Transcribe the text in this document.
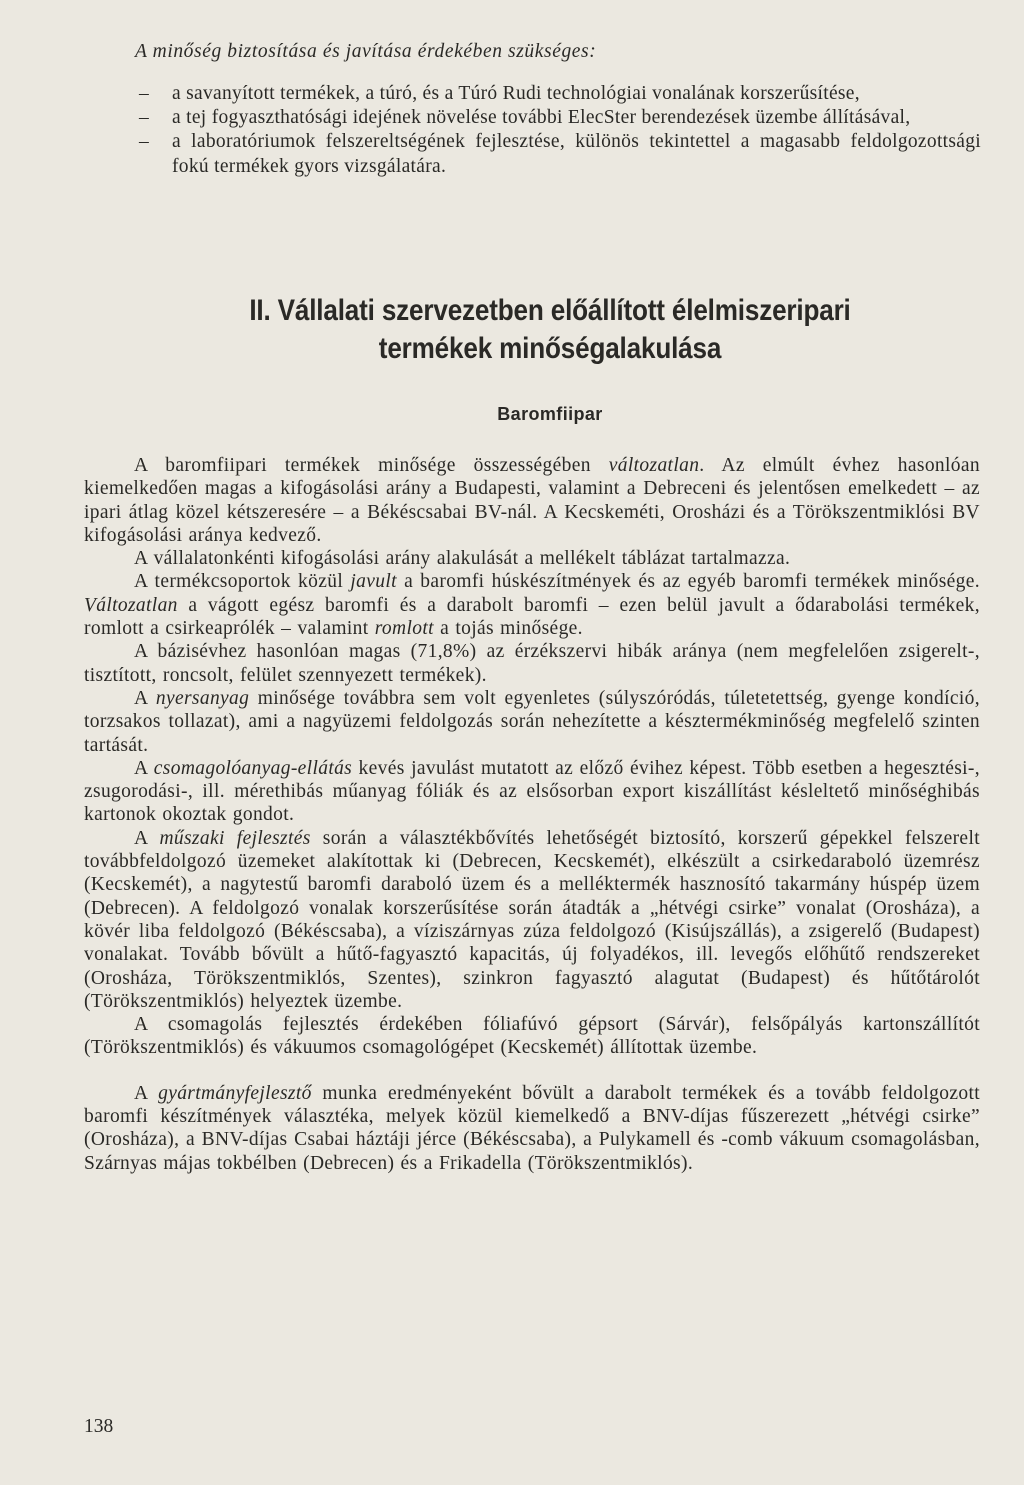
A minőség biztosítása és javítása érdekében szükséges:
– a savanyított termékek, a túró, és a Túró Rudi technológiai vonalának korszerűsítése,
– a tej fogyaszthatósági idejének növelése további ElecSter berendezések üzembe állításával,
– a laboratóriumok felszereltségének fejlesztése, különös tekintettel a magasabb feldolgozottsági fokú termékek gyors vizsgálatára.
II. Vállalati szervezetben előállított élelmiszeripari
termékek minőségalakulása
Baromfiipar

A baromfiipari termékek minősége összességében változatlan. Az elmúlt évhez hasonlóan kiemelkedően magas a kifogásolási arány a Budapesti, valamint a Debreceni és jelentősen emelkedett – az ipari átlag közel kétszeresére – a Békéscsabai BV-nál. A Kecskeméti, Orosházi és a Törökszentmiklósi BV kifogásolási aránya kedvező.

A vállalatonkénti kifogásolási arány alakulását a mellékelt táblázat tartalmazza.

A termékcsoportok közül javult a baromfi húskészítmények és az egyéb baromfi termékek minősége. Változatlan a vágott egész baromfi és a darabolt baromfi – ezen belül javult a ődarabolási termékek, romlott a csirkeaprólék – valamint romlott a tojás minősége.

A bázisévhez hasonlóan magas (71,8%) az érzékszervi hibák aránya (nem megfelelően zsigerelt-, tisztított, roncsolt, felület szennyezett termékek).

A nyersanyag minősége továbbra sem volt egyenletes (súlyszóródás, túletetettség, gyenge kondíció, torzsakos tollazat), ami a nagyüzemi feldolgozás során nehezítette a késztermékminőség megfelelő szinten tartását.

A csomagolóanyag-ellátás kevés javulást mutatott az előző évihez képest. Több esetben a hegesztési-, zsugorodási-, ill. mérethibás műanyag fóliák és az elsősorban export kiszállítást késleltető minőséghibás kartonok okoztak gondot.

A műszaki fejlesztés során a választékbővítés lehetőségét biztosító, korszerű gépekkel felszerelt továbbfeldolgozó üzemeket alakítottak ki (Debrecen, Kecskemét), elkészült a csirkedaraboló üzemrész (Kecskemét), a nagytestű baromfi daraboló üzem és a melléktermék hasznosító takarmány húspép üzem (Debrecen). A feldolgozó vonalak korszerűsítése során átadták a „hétvégi csirke” vonalat (Orosháza), a kövér liba feldolgozó (Békéscsaba), a víziszárnyas zúza feldolgozó (Kisújszállás), a zsigerelő (Budapest) vonalakat. Tovább bővült a hűtő-fagyasztó kapacitás, új folyadékos, ill. levegős előhűtő rendszereket (Orosháza, Törökszentmiklós, Szentes), szinkron fagyasztó alagutat (Budapest) és hűtőtárolót (Törökszentmiklós) helyeztek üzembe.

A csomagolás fejlesztés érdekében fóliafúvó gépsort (Sárvár), felsőpályás kartonszállítót (Törökszentmiklós) és vákuumos csomagológépet (Kecskemét) állítottak üzembe.

A gyártmányfejlesztő munka eredményeként bővült a darabolt termékek és a tovább feldolgozott baromfi készítmények választéka, melyek közül kiemelkedő a BNV-díjas fűszerezett „hétvégi csirke” (Orosháza), a BNV-díjas Csabai háztáji jérce (Békéscsaba), a Pulykamell és -comb vákuum csomagolásban, Szárnyas májas tokbélben (Debrecen) és a Frikadella (Törökszentmiklós).

138
